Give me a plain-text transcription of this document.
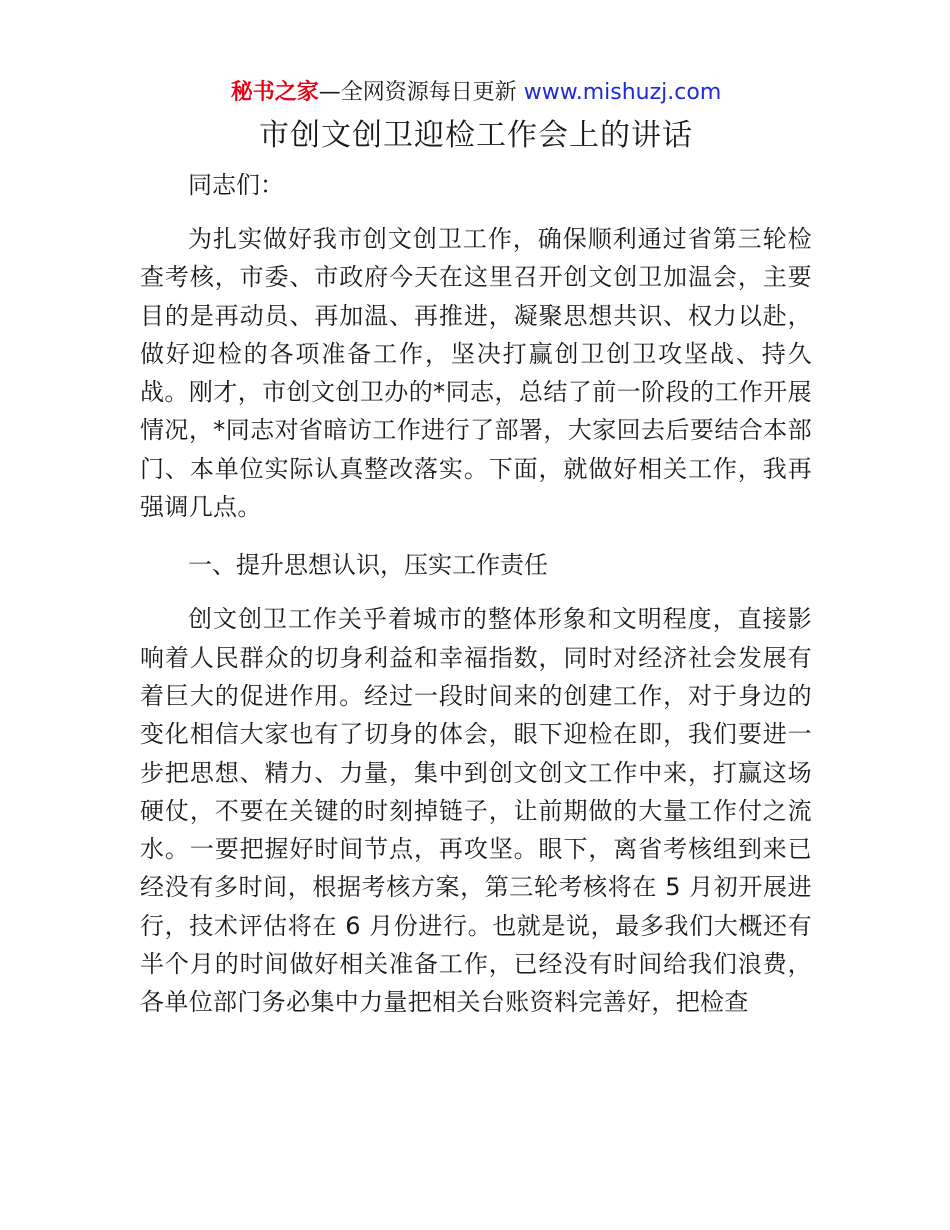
秘书之家—全网资源每日更新 www.mishuzj.com
市创文创卫迎检工作会上的讲话
同志们：
为扎实做好我市创文创卫工作，确保顺利通过省第三轮检查考核，市委、市政府今天在这里召开创文创卫加温会，主要目的是再动员、再加温、再推进，凝聚思想共识、权力以赴，做好迎检的各项准备工作，坚决打赢创卫创卫攻坚战、持久战。刚才，市创文创卫办的*同志，总结了前一阶段的工作开展情况，*同志对省暗访工作进行了部署，大家回去后要结合本部门、本单位实际认真整改落实。下面，就做好相关工作，我再强调几点。
一、提升思想认识，压实工作责任
创文创卫工作关乎着城市的整体形象和文明程度，直接影响着人民群众的切身利益和幸福指数，同时对经济社会发展有着巨大的促进作用。经过一段时间来的创建工作，对于身边的变化相信大家也有了切身的体会，眼下迎检在即，我们要进一步把思想、精力、力量，集中到创文创文工作中来，打赢这场硬仗，不要在关键的时刻掉链子，让前期做的大量工作付之流水。一要把握好时间节点，再攻坚。眼下，离省考核组到来已经没有多时间，根据考核方案，第三轮考核将在 5 月初开展进行，技术评估将在 6 月份进行。也就是说，最多我们大概还有半个月的时间做好相关准备工作，已经没有时间给我们浪费，各单位部门务必集中力量把相关台账资料完善好，把检查
